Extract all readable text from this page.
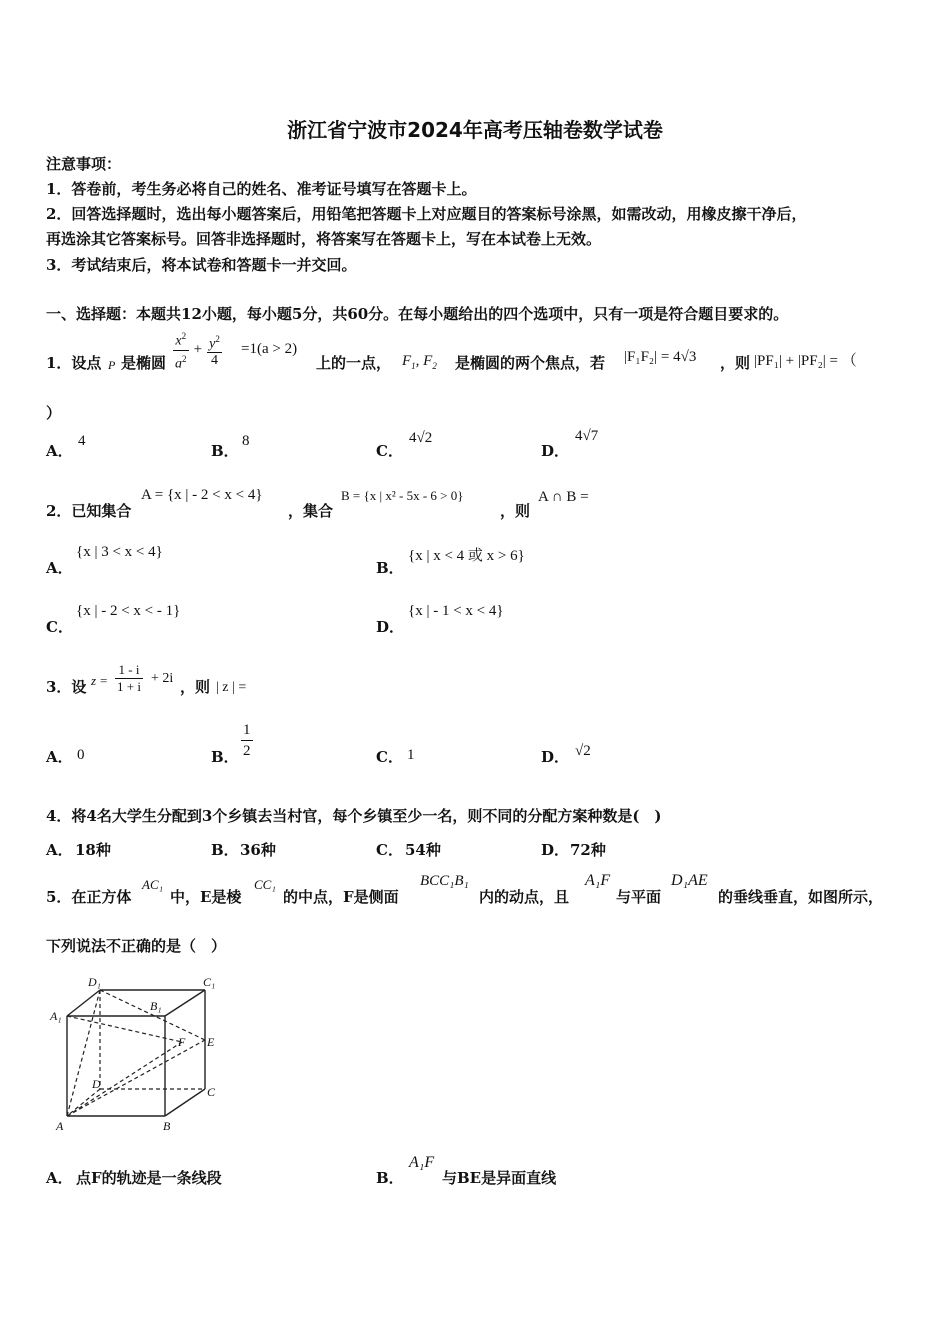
浙江省宁波市2024年高考压轴卷数学试卷
注意事项：
1．答卷前，考生务必将自己的姓名、准考证号填写在答题卡上。
2．回答选择题时，选出每小题答案后，用铅笔把答题卡上对应题目的答案标号涂黑，如需改动，用橡皮擦干净后，
再选涂其它答案标号。回答非选择题时，将答案写在答题卡上，写在本试卷上无效。
3．考试结束后，将本试卷和答题卡一并交回。
一、选择题：本题共12小题，每小题5分，共60分。在每小题给出的四个选项中，只有一项是符合题目要求的。
1．设点 P 是椭圆 $\frac{x^2}{a^2} + \frac{y^2}{4} =1(a > 2)$
上的一点， $F_1$, $F_2$ 是椭圆的两个焦点，若 |F₁F₂| = 4√3 ，则 |PF₁| + |PF₂| = （
）
A．
4
B．
8
C．
4√2
D．
4√7
2．已知集合
A = {x | - 2 < x < 4}
，集合
B = {x | x² - 5x - 6 > 0}
，则
A ∩ B =
A．
{x | 3 < x < 4}
B．
{x | x < 4 或 x > 6}
C．
{x | - 2 < x < - 1}
D．
{x | - 1 < x < 4}
3．设 $z = \frac{1 - i}{1 + i} + 2i$ ，则 | z | =
A． 0	B． $\frac{1}{2}$	C． 1	D． √2
4．将4名大学生分配到3个乡镇去当村官，每个乡镇至少一名，则不同的分配方案种数是(　)
A． 18种	B． 36种	C． 54种	D． 72种
5．在正方体
AC₁
中，E是棱
CC₁
的中点，F是侧面
BCC₁B₁
内的动点，且
A₁F
与平面
D₁AE
的垂线垂直，如图所示，
下列说法不正确的是（　）
D₁	C₁
B₁
A₁
F E
D
C
A	B
A． 点F的轨迹是一条线段	B．
A₁F
与BE是异面直线
